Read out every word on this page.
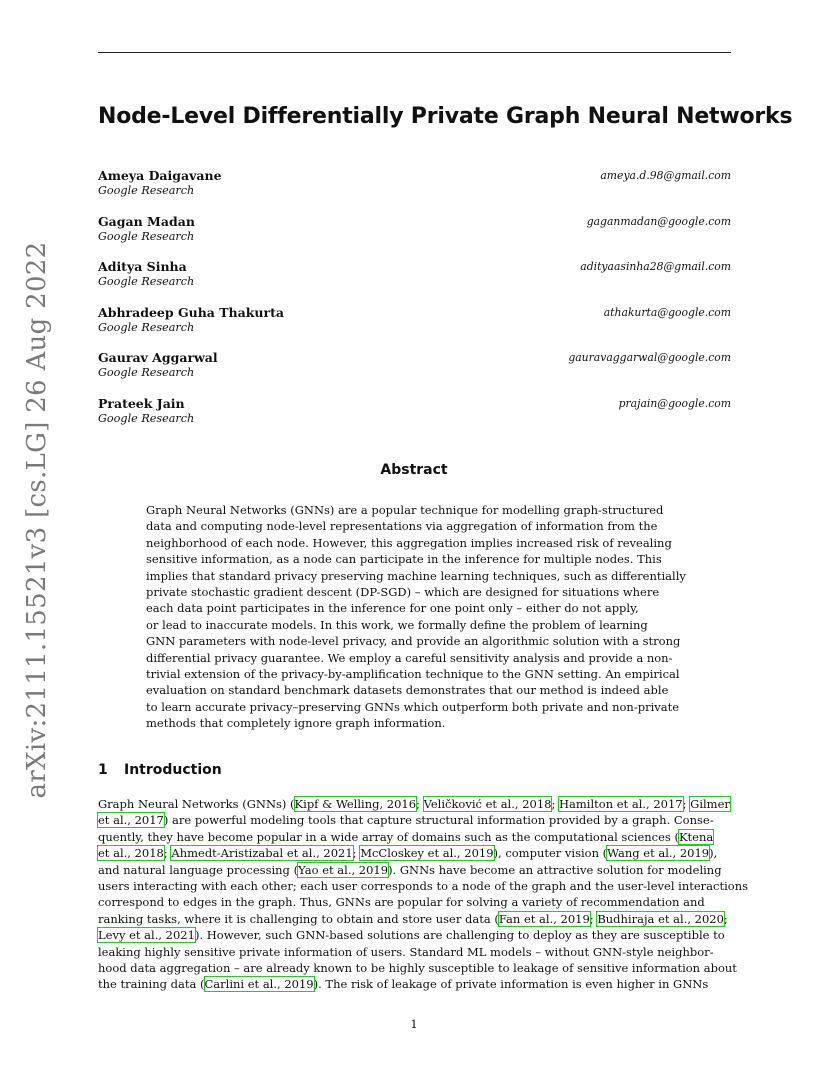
arXiv:2111.15521v3 [cs.LG] 26 Aug 2022
Node-Level Differentially Private Graph Neural Networks
Ameya Daigavane
Google Research
ameya.d.98@gmail.com
Gagan Madan
Google Research
gaganmadan@google.com
Aditya Sinha
Google Research
adityaasinha28@gmail.com
Abhradeep Guha Thakurta
Google Research
athakurta@google.com
Gaurav Aggarwal
Google Research
gauravaggarwal@google.com
Prateek Jain
Google Research
prajain@google.com
Abstract
Graph Neural Networks (GNNs) are a popular technique for modelling graph-structured
data and computing node-level representations via aggregation of information from the
neighborhood of each node. However, this aggregation implies increased risk of revealing
sensitive information, as a node can participate in the inference for multiple nodes. This
implies that standard privacy preserving machine learning techniques, such as differentially
private stochastic gradient descent (DP-SGD) – which are designed for situations where
each data point participates in the inference for one point only – either do not apply,
or lead to inaccurate models. In this work, we formally define the problem of learning
GNN parameters with node-level privacy, and provide an algorithmic solution with a strong
differential privacy guarantee. We employ a careful sensitivity analysis and provide a non-
trivial extension of the privacy-by-amplification technique to the GNN setting. An empirical
evaluation on standard benchmark datasets demonstrates that our method is indeed able
to learn accurate privacy–preserving GNNs which outperform both private and non-private
methods that completely ignore graph information.
1 Introduction
Graph Neural Networks (GNNs) (Kipf & Welling, 2016; Veličković et al., 2018; Hamilton et al., 2017; Gilmer
et al., 2017) are powerful modeling tools that capture structural information provided by a graph. Conse-
quently, they have become popular in a wide array of domains such as the computational sciences (Ktena
et al., 2018; Ahmedt-Aristizabal et al., 2021; McCloskey et al., 2019), computer vision (Wang et al., 2019),
and natural language processing (Yao et al., 2019). GNNs have become an attractive solution for modeling
users interacting with each other; each user corresponds to a node of the graph and the user-level interactions
correspond to edges in the graph. Thus, GNNs are popular for solving a variety of recommendation and
ranking tasks, where it is challenging to obtain and store user data (Fan et al., 2019; Budhiraja et al., 2020;
Levy et al., 2021). However, such GNN-based solutions are challenging to deploy as they are susceptible to
leaking highly sensitive private information of users. Standard ML models – without GNN-style neighbor-
hood data aggregation – are already known to be highly susceptible to leakage of sensitive information about
the training data (Carlini et al., 2019). The risk of leakage of private information is even higher in GNNs
1
